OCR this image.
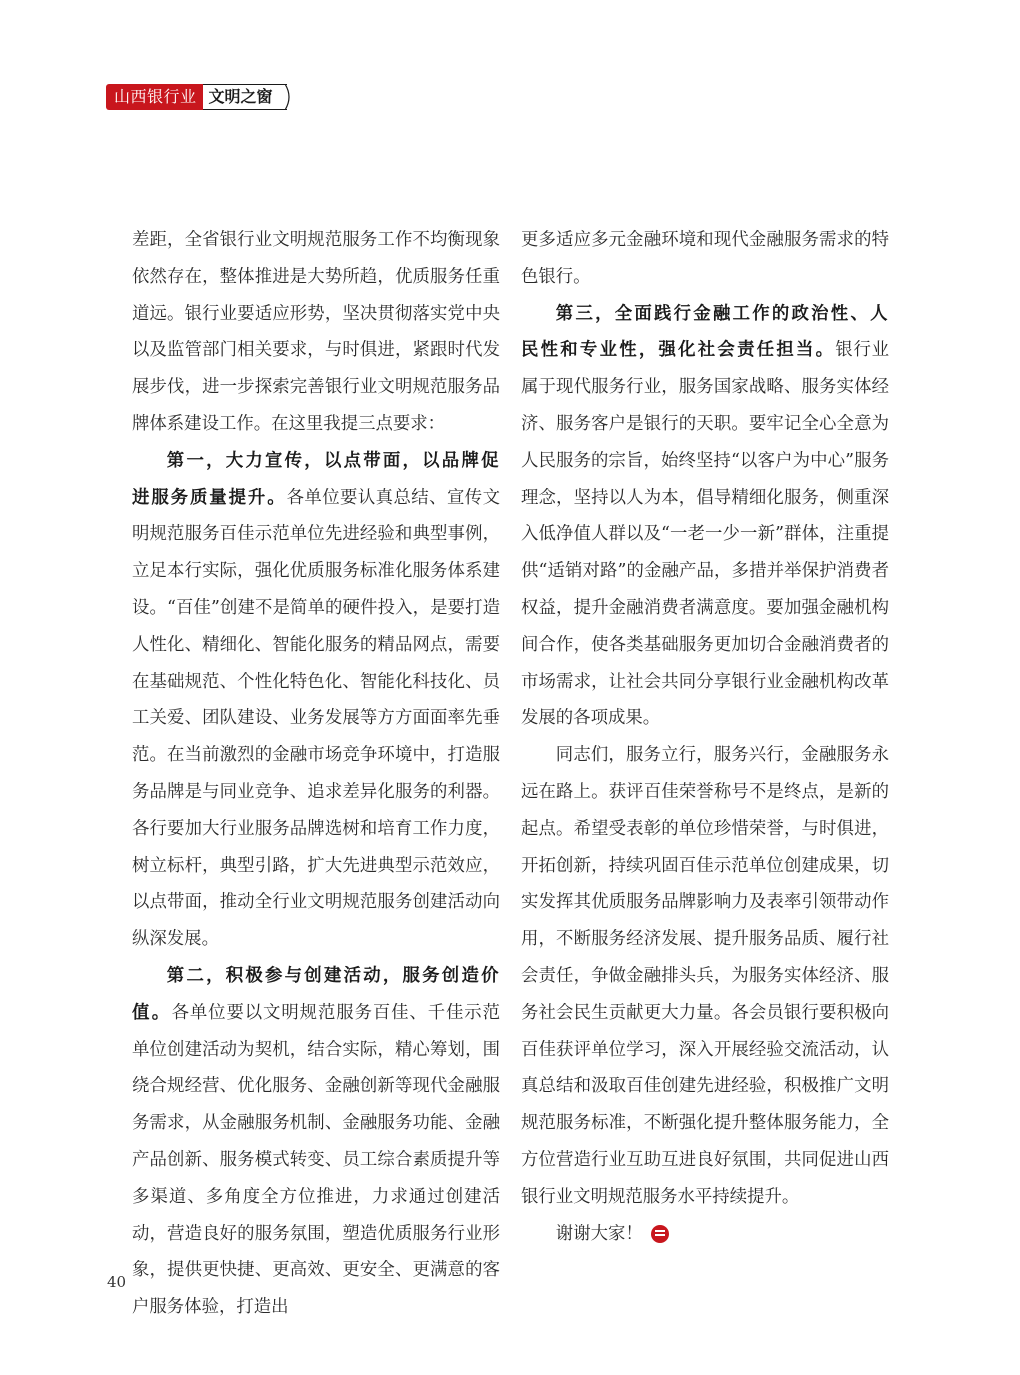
山西银行业 文明之窗

差距，全省银行业文明规范服务工作不均衡现象依然存在，整体推进是大势所趋，优质服务任重道远。银行业要适应形势，坚决贯彻落实党中央以及监管部门相关要求，与时俱进，紧跟时代发展步伐，进一步探索完善银行业文明规范服务品牌体系建设工作。在这里我提三点要求：

第一，大力宣传，以点带面，以品牌促进服务质量提升。各单位要认真总结、宣传文明规范服务百佳示范单位先进经验和典型事例，立足本行实际，强化优质服务标准化服务体系建设。“百佳”创建不是简单的硬件投入，是要打造人性化、精细化、智能化服务的精品网点，需要在基础规范、个性化特色化、智能化科技化、员工关爱、团队建设、业务发展等方方面面率先垂范。在当前激烈的金融市场竞争环境中，打造服务品牌是与同业竞争、追求差异化服务的利器。各行要加大行业服务品牌选树和培育工作力度，树立标杆，典型引路，扩大先进典型示范效应，以点带面，推动全行业文明规范服务创建活动向纵深发展。

第二，积极参与创建活动，服务创造价值。各单位要以文明规范服务百佳、千佳示范单位创建活动为契机，结合实际，精心筹划，围绕合规经营、优化服务、金融创新等现代金融服务需求，从金融服务机制、金融服务功能、金融产品创新、服务模式转变、员工综合素质提升等多渠道、多角度全方位推进，力求通过创建活动，营造良好的服务氛围，塑造优质服务行业形象，提供更快捷、更高效、更安全、更满意的客户服务体验，打造出

更多适应多元金融环境和现代金融服务需求的特色银行。

第三，全面践行金融工作的政治性、人民性和专业性，强化社会责任担当。银行业属于现代服务行业，服务国家战略、服务实体经济、服务客户是银行的天职。要牢记全心全意为人民服务的宗旨，始终坚持“以客户为中心”服务理念，坚持以人为本，倡导精细化服务，侧重深入低净值人群以及“一老一少一新”群体，注重提供“适销对路”的金融产品，多措并举保护消费者权益，提升金融消费者满意度。要加强金融机构间合作，使各类基础服务更加切合金融消费者的市场需求，让社会共同分享银行业金融机构改革发展的各项成果。

同志们，服务立行，服务兴行，金融服务永远在路上。获评百佳荣誉称号不是终点，是新的起点。希望受表彰的单位珍惜荣誉，与时俱进，开拓创新，持续巩固百佳示范单位创建成果，切实发挥其优质服务品牌影响力及表率引领带动作用，不断服务经济发展、提升服务品质、履行社会责任，争做金融排头兵，为服务实体经济、服务社会民生贡献更大力量。各会员银行要积极向百佳获评单位学习，深入开展经验交流活动，认真总结和汲取百佳创建先进经验，积极推广文明规范服务标准，不断强化提升整体服务能力，全方位营造行业互助互进良好氛围，共同促进山西银行业文明规范服务水平持续提升。

谢谢大家！

40
